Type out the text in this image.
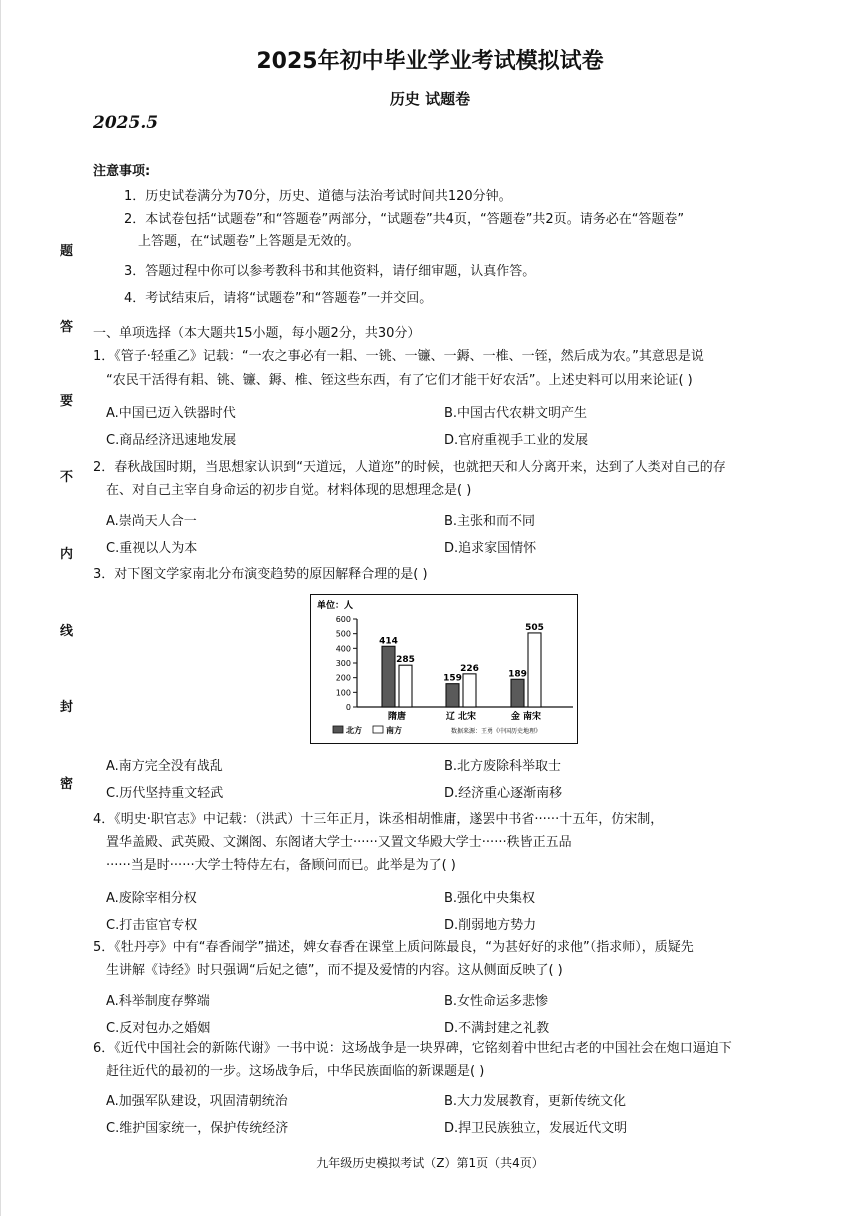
2025年初中毕业学业考试模拟试卷
历史 试题卷
2025.5
题
答
要
不
内
线
封
密
注意事项:
1．历史试卷满分为70分，历史、道德与法治考试时间共120分钟。
2．本试卷包括“试题卷”和“答题卷”两部分，“试题卷”共4页，“答题卷”共2页。请务必在“答题卷”
上答题，在“试题卷”上答题是无效的。
3．答题过程中你可以参考教科书和其他资料，请仔细审题，认真作答。
4．考试结束后，请将“试题卷”和“答题卷”一并交回。
一、单项选择（本大题共15小题，每小题2分，共30分）
1．《管子·轻重乙》记载：“一农之事必有一耜、一铫、一镰、一鎒、一椎、一铚，然后成为农。”其意思是说
“农民干活得有耜、铫、镰、鎒、椎、铚这些东西，有了它们才能干好农活”。上述史料可以用来论证( )
A.中国已迈入铁器时代	B.中国古代农耕文明产生
C.商品经济迅速地发展	D.官府重视手工业的发展
2．春秋战国时期，当思想家认识到“天道远，人道迩”的时候，也就把天和人分离开来，达到了人类对自己的存
在、对自己主宰自身命运的初步自觉。材料体现的思想理念是( )
A.崇尚天人合一	B.主张和而不同
C.重视以人为本	D.追求家国情怀
3．对下图文学家南北分布演变趋势的原因解释合理的是( )
单位：人
0
100
200
300
400
500
600
414
285
159
226
189
505
隋唐	辽 北宋	金 南宋
北方	南方	数据来源：王勇《中国历史地理》
A.南方完全没有战乱	B.北方废除科举取士
C.历代坚持重文轻武	D.经济重心逐渐南移
4．《明史·职官志》中记载：（洪武）十三年正月，诛丞相胡惟庸，遂罢中书省······十五年，仿宋制，
置华盖殿、武英殿、文渊阁、东阁诸大学士······又置文华殿大学士······秩皆正五品
······当是时······大学士特侍左右，备顾问而已。此举是为了( )
A.废除宰相分权	B.强化中央集权
C.打击宦官专权	D.削弱地方势力
5．《牡丹亭》中有“春香闹学”描述，婢女春香在课堂上质问陈最良，“为甚好好的求他”（指求师），质疑先
生讲解《诗经》时只强调“后妃之德”，而不提及爱情的内容。这从侧面反映了( )
A.科举制度存弊端	B.女性命运多悲惨
C.反对包办之婚姻	D.不满封建之礼教
6．《近代中国社会的新陈代谢》一书中说：这场战争是一块界碑，它铭刻着中世纪古老的中国社会在炮口逼迫下
赶往近代的最初的一步。这场战争后，中华民族面临的新课题是( )
A.加强军队建设，巩固清朝统治	B.大力发展教育，更新传统文化
C.维护国家统一，保护传统经济	D.捍卫民族独立，发展近代文明
九年级历史模拟考试（Z）第1页（共4页）
